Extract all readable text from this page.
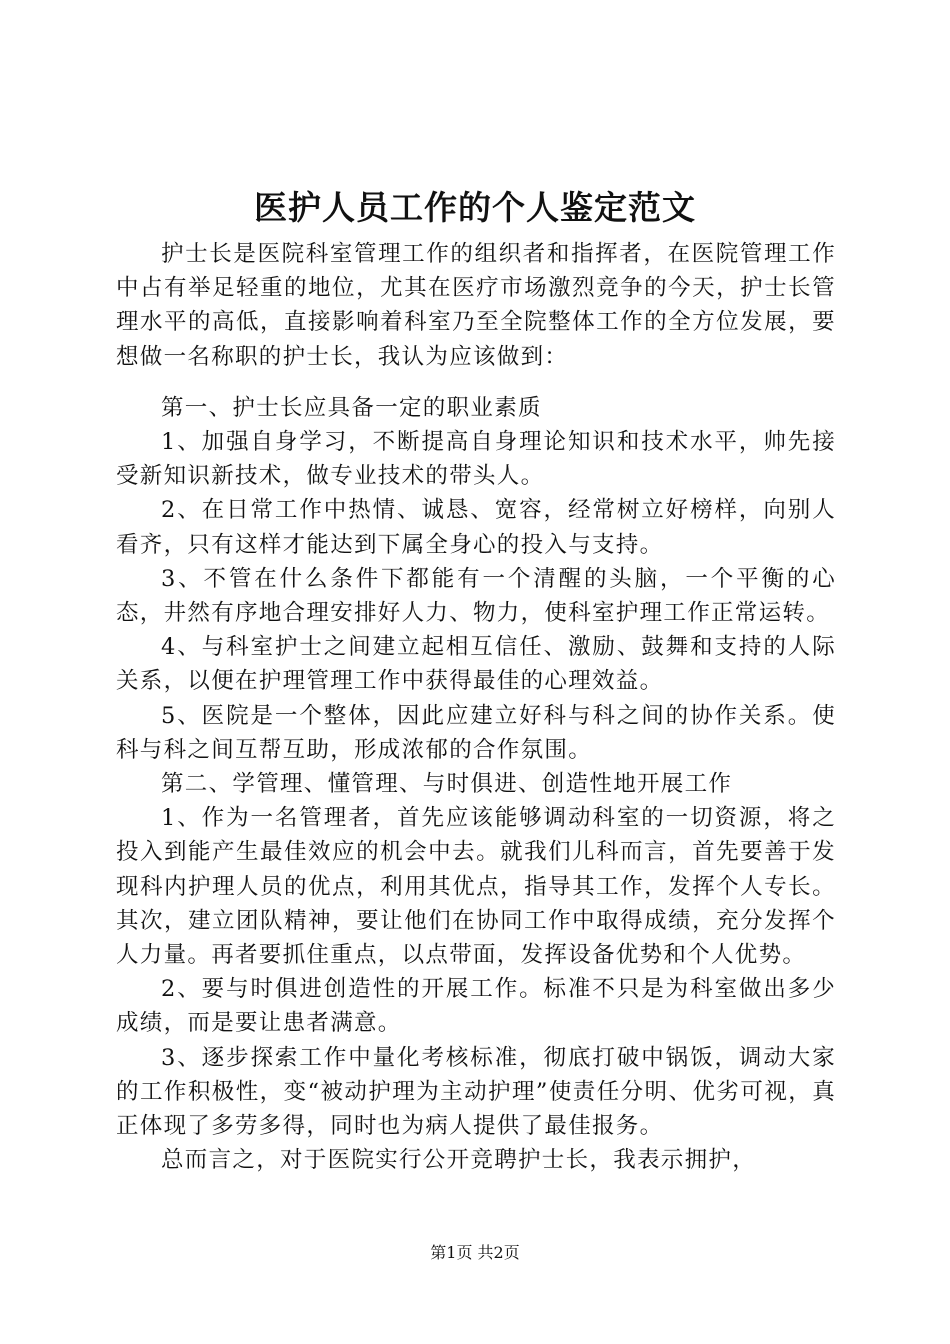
医护人员工作的个人鉴定范文

护士长是医院科室管理工作的组织者和指挥者，在医院管理工作中占有举足轻重的地位，尤其在医疗市场激烈竞争的今天，护士长管理水平的高低，直接影响着科室乃至全院整体工作的全方位发展，要想做一名称职的护士长，我认为应该做到：

第一、护士长应具备一定的职业素质

1、加强自身学习，不断提高自身理论知识和技术水平，帅先接受新知识新技术，做专业技术的带头人。

2、在日常工作中热情、诚恳、宽容，经常树立好榜样，向别人看齐，只有这样才能达到下属全身心的投入与支持。

3、不管在什么条件下都能有一个清醒的头脑，一个平衡的心态，井然有序地合理安排好人力、物力，使科室护理工作正常运转。

4、与科室护士之间建立起相互信任、激励、鼓舞和支持的人际关系，以便在护理管理工作中获得最佳的心理效益。

5、医院是一个整体，因此应建立好科与科之间的协作关系。使科与科之间互帮互助，形成浓郁的合作氛围。

第二、学管理、懂管理、与时俱进、创造性地开展工作

1、作为一名管理者，首先应该能够调动科室的一切资源，将之投入到能产生最佳效应的机会中去。就我们儿科而言，首先要善于发现科内护理人员的优点，利用其优点，指导其工作，发挥个人专长。其次，建立团队精神，要让他们在协同工作中取得成绩，充分发挥个人力量。再者要抓住重点，以点带面，发挥设备优势和个人优势。

2、要与时俱进创造性的开展工作。标准不只是为科室做出多少成绩，而是要让患者满意。

3、逐步探索工作中量化考核标准，彻底打破中锅饭，调动大家的工作积极性，变“被动护理为主动护理”使责任分明、优劣可视，真正体现了多劳多得，同时也为病人提供了最佳报务。

总而言之，对于医院实行公开竞聘护士长，我表示拥护，

第1页 共2页
